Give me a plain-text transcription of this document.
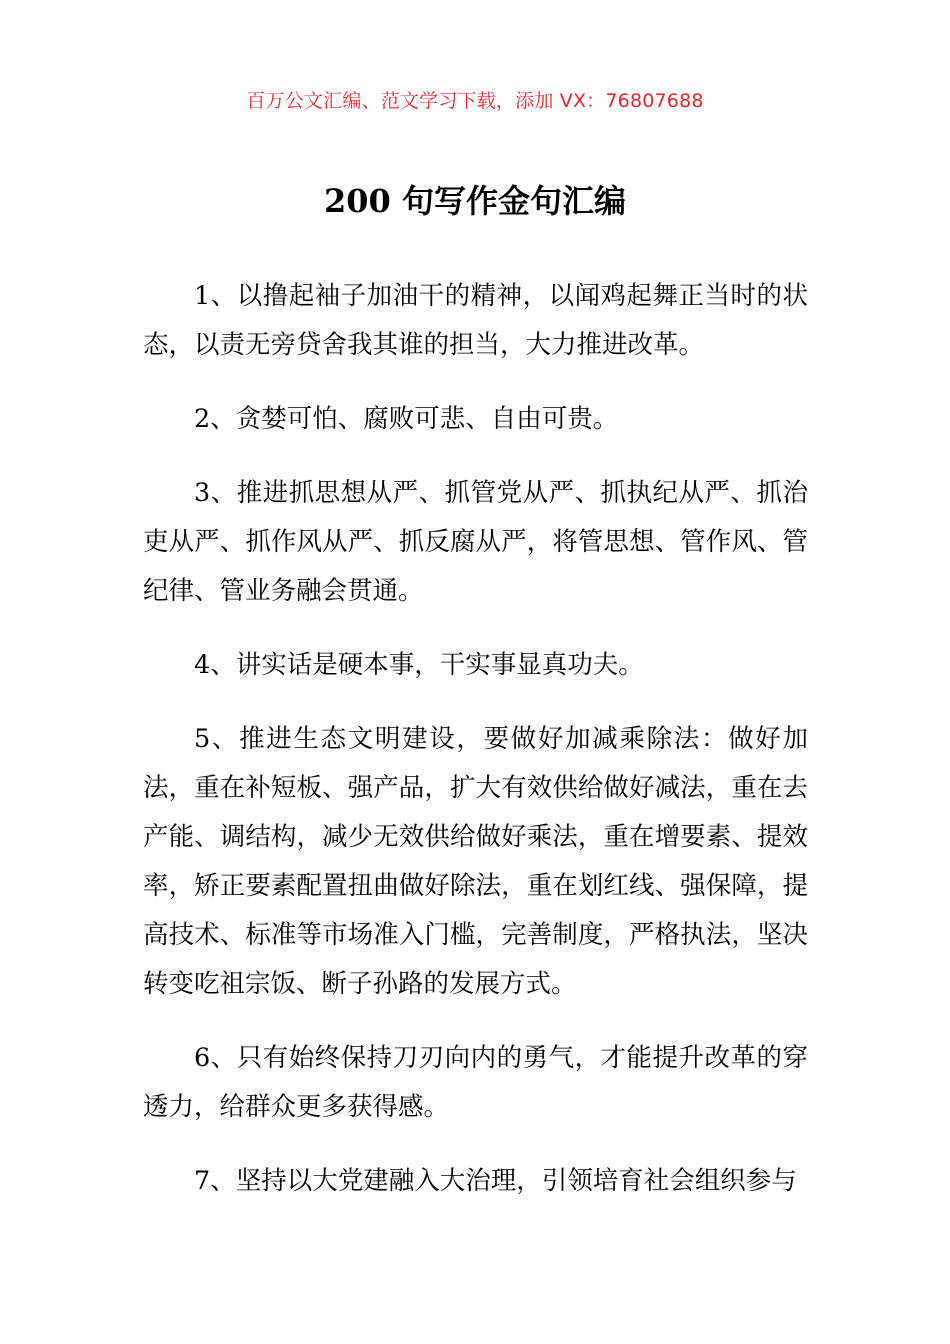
百万公文汇编、范文学习下载，添加 VX：76807688
200 句写作金句汇编

1、以撸起袖子加油干的精神，以闻鸡起舞正当时的状态，以责无旁贷舍我其谁的担当，大力推进改革。

2、贪婪可怕、腐败可悲、自由可贵。

3、推进抓思想从严、抓管党从严、抓执纪从严、抓治吏从严、抓作风从严、抓反腐从严，将管思想、管作风、管纪律、管业务融会贯通。

4、讲实话是硬本事，干实事显真功夫。

5、推进生态文明建设，要做好加减乘除法：做好加法，重在补短板、强产品，扩大有效供给做好减法，重在去产能、调结构，减少无效供给做好乘法，重在增要素、提效率，矫正要素配置扭曲做好除法，重在划红线、强保障，提高技术、标准等市场准入门槛，完善制度，严格执法，坚决转变吃祖宗饭、断子孙路的发展方式。

6、只有始终保持刀刃向内的勇气，才能提升改革的穿透力，给群众更多获得感。

7、坚持以大党建融入大治理，引领培育社会组织参与
